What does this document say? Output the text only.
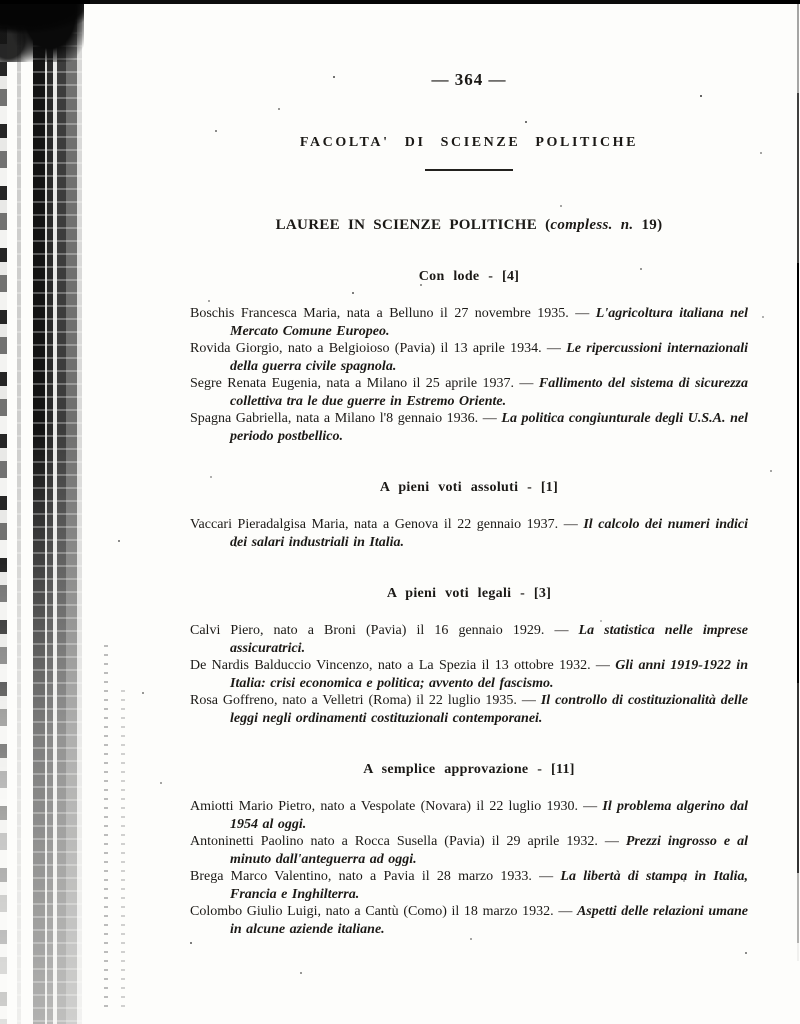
— 364 —
FACOLTA' DI SCIENZE POLITICHE
LAUREE IN SCIENZE POLITICHE (compless. n. 19)
Con lode - [4]

Boschis Francesca Maria, nata a Belluno il 27 novembre 1935. — L'agricoltura italiana nel Mercato Comune Europeo.

Rovida Giorgio, nato a Belgioioso (Pavia) il 13 aprile 1934. — Le ripercussioni internazionali della guerra civile spagnola.

Segre Renata Eugenia, nata a Milano il 25 aprile 1937. — Fallimento del sistema di sicurezza collettiva tra le due guerre in Estremo Oriente.

Spagna Gabriella, nata a Milano l'8 gennaio 1936. — La politica congiunturale degli U.S.A. nel periodo postbellico.

A pieni voti assoluti - [1]

Vaccari Pieradalgisa Maria, nata a Genova il 22 gennaio 1937. — Il calcolo dei numeri indici dei salari industriali in Italia.

A pieni voti legali - [3]

Calvi Piero, nato a Broni (Pavia) il 16 gennaio 1929. — La statistica nelle imprese assicuratrici.

De Nardis Balduccio Vincenzo, nato a La Spezia il 13 ottobre 1932. — Gli anni 1919-1922 in Italia: crisi economica e politica; avvento del fascismo.

Rosa Goffreno, nato a Velletri (Roma) il 22 luglio 1935. — Il controllo di costituzionalità delle leggi negli ordinamenti costituzionali contemporanei.

A semplice approvazione - [11]

Amiotti Mario Pietro, nato a Vespolate (Novara) il 22 luglio 1930. — Il problema algerino dal 1954 al oggi.

Antoninetti Paolino nato a Rocca Susella (Pavia) il 29 aprile 1932. — Prezzi ingrosso e al minuto dall'anteguerra ad oggi.

Brega Marco Valentino, nato a Pavia il 28 marzo 1933. — La libertà di stampa in Italia, Francia e Inghilterra.

Colombo Giulio Luigi, nato a Cantù (Como) il 18 marzo 1932. — Aspetti delle relazioni umane in alcune aziende italiane.
